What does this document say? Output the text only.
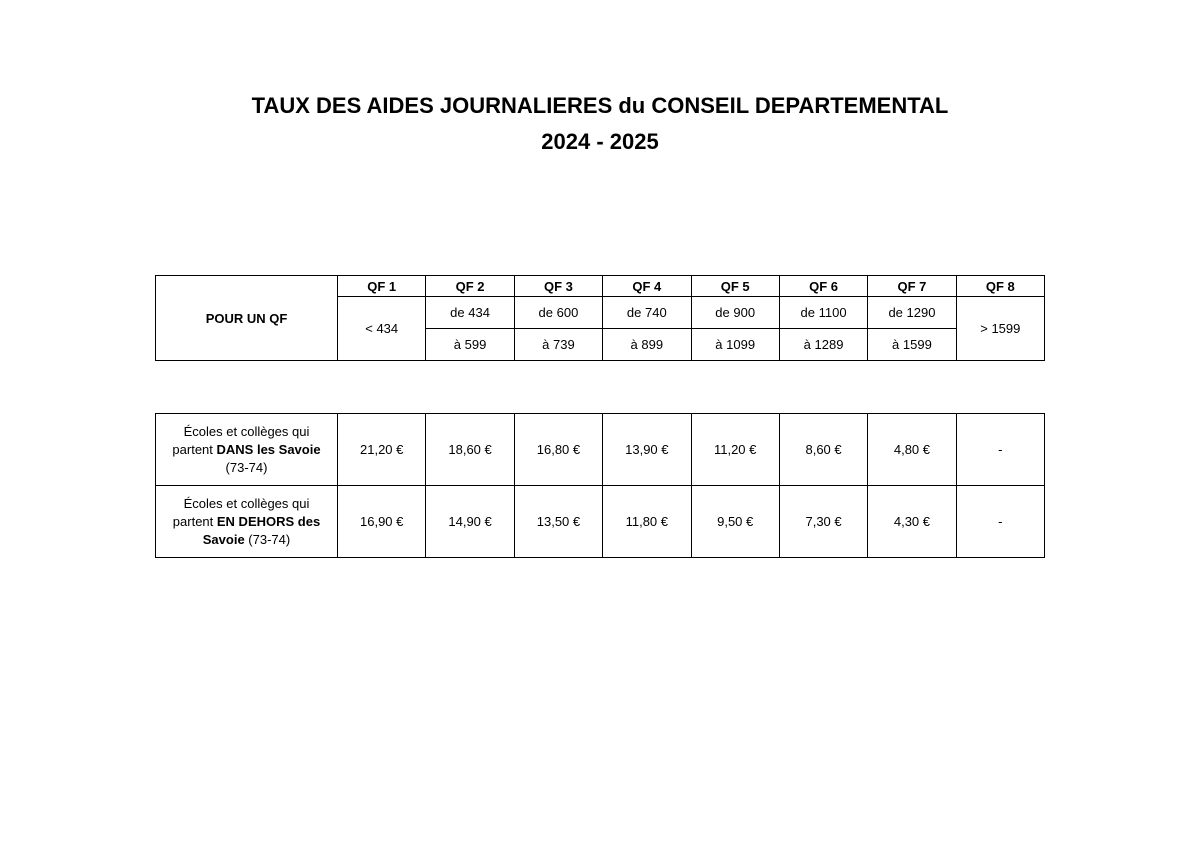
TAUX DES AIDES JOURNALIERES du CONSEIL DEPARTEMENTAL
2024 - 2025
POUR UN QF	QF 1	QF 2	QF 3	QF 4	QF 5	QF 6	QF 7	QF 8
	< 434	de 434	de 600	de 740	de 900	de 1100	de 1290	> 1599
		à 599	à 739	à 899	à 1099	à 1289	à 1599	
Écoles et collèges qui partent DANS les Savoie (73-74)	21,20 €	18,60 €	16,80 €	13,90 €	11,20 €	8,60 €	4,80 €	-
Écoles et collèges qui partent EN DEHORS des Savoie (73-74)	16,90 €	14,90 €	13,50 €	11,80 €	9,50 €	7,30 €	4,30 €	-
